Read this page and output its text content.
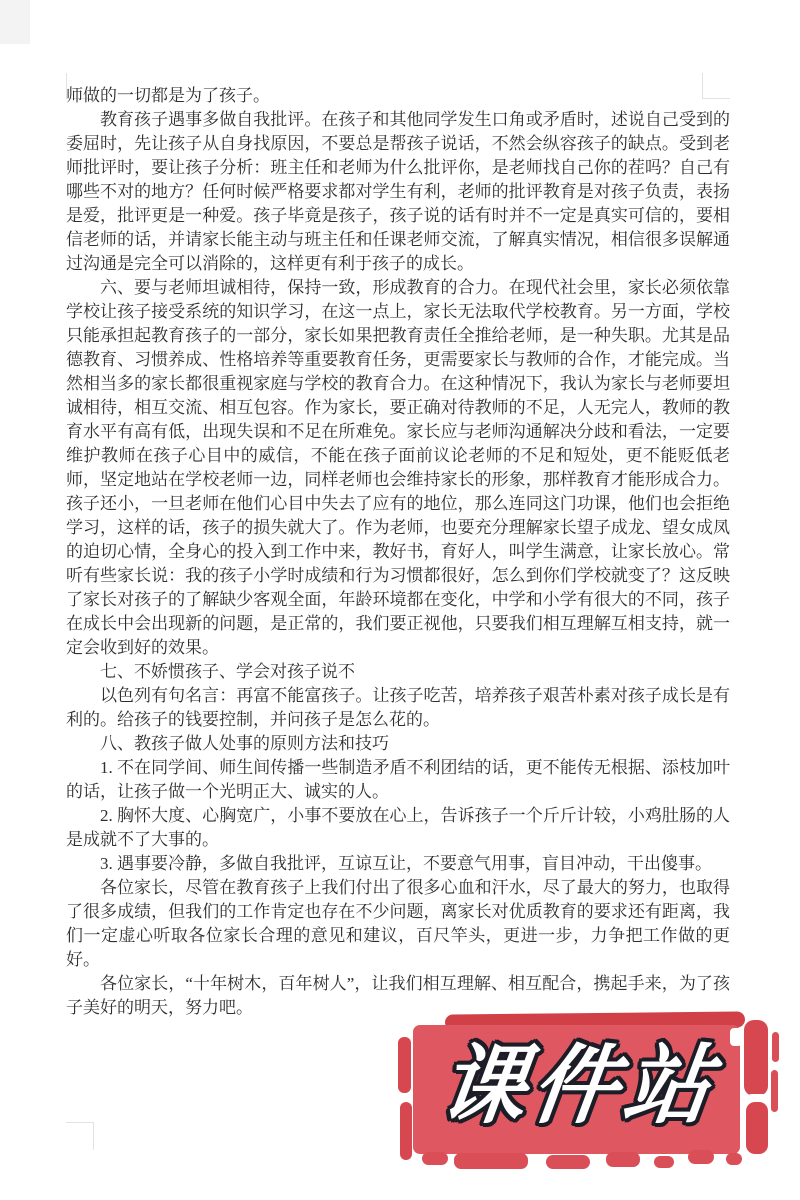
师做的一切都是为了孩子。

教育孩子遇事多做自我批评。在孩子和其他同学发生口角或矛盾时，述说自己受到的委屈时，先让孩子从自身找原因，不要总是帮孩子说话，不然会纵容孩子的缺点。受到老师批评时，要让孩子分析：班主任和老师为什么批评你，是老师找自己你的茬吗？自己有哪些不对的地方？任何时候严格要求都对学生有利，老师的批评教育是对孩子负责，表扬是爱，批评更是一种爱。孩子毕竟是孩子，孩子说的话有时并不一定是真实可信的，要相信老师的话，并请家长能主动与班主任和任课老师交流，了解真实情况，相信很多误解通过沟通是完全可以消除的，这样更有利于孩子的成长。

六、要与老师坦诚相待，保持一致，形成教育的合力。在现代社会里，家长必须依靠学校让孩子接受系统的知识学习，在这一点上，家长无法取代学校教育。另一方面，学校只能承担起教育孩子的一部分，家长如果把教育责任全推给老师，是一种失职。尤其是品德教育、习惯养成、性格培养等重要教育任务，更需要家长与教师的合作，才能完成。当然相当多的家长都很重视家庭与学校的教育合力。在这种情况下，我认为家长与老师要坦诚相待，相互交流、相互包容。作为家长，要正确对待教师的不足，人无完人，教师的教育水平有高有低，出现失误和不足在所难免。家长应与老师沟通解决分歧和看法，一定要维护教师在孩子心目中的威信，不能在孩子面前议论老师的不足和短处，更不能贬低老师，坚定地站在学校老师一边，同样老师也会维持家长的形象，那样教育才能形成合力。孩子还小，一旦老师在他们心目中失去了应有的地位，那么连同这门功课，他们也会拒绝学习，这样的话，孩子的损失就大了。作为老师，也要充分理解家长望子成龙、望女成凤的迫切心情，全身心的投入到工作中来，教好书，育好人，叫学生满意，让家长放心。常听有些家长说：我的孩子小学时成绩和行为习惯都很好，怎么到你们学校就变了？这反映了家长对孩子的了解缺少客观全面，年龄环境都在变化，中学和小学有很大的不同，孩子在成长中会出现新的问题，是正常的，我们要正视他，只要我们相互理解互相支持，就一定会收到好的效果。

七、不娇惯孩子、学会对孩子说不

以色列有句名言：再富不能富孩子。让孩子吃苦，培养孩子艰苦朴素对孩子成长是有利的。给孩子的钱要控制，并问孩子是怎么花的。

八、教孩子做人处事的原则方法和技巧

1. 不在同学间、师生间传播一些制造矛盾不利团结的话，更不能传无根据、添枝加叶的话，让孩子做一个光明正大、诚实的人。

2. 胸怀大度、心胸宽广，小事不要放在心上，告诉孩子一个斤斤计较，小鸡肚肠的人是成就不了大事的。

3. 遇事要冷静，多做自我批评，互谅互让，不要意气用事，盲目冲动，干出傻事。

各位家长，尽管在教育孩子上我们付出了很多心血和汗水，尽了最大的努力，也取得了很多成绩，但我们的工作肯定也存在不少问题，离家长对优质教育的要求还有距离，我们一定虚心听取各位家长合理的意见和建议，百尺竿头，更进一步，力争把工作做的更好。

各位家长，“十年树木，百年树人”，让我们相互理解、相互配合，携起手来，为了孩子美好的明天，努力吧。

课件站
